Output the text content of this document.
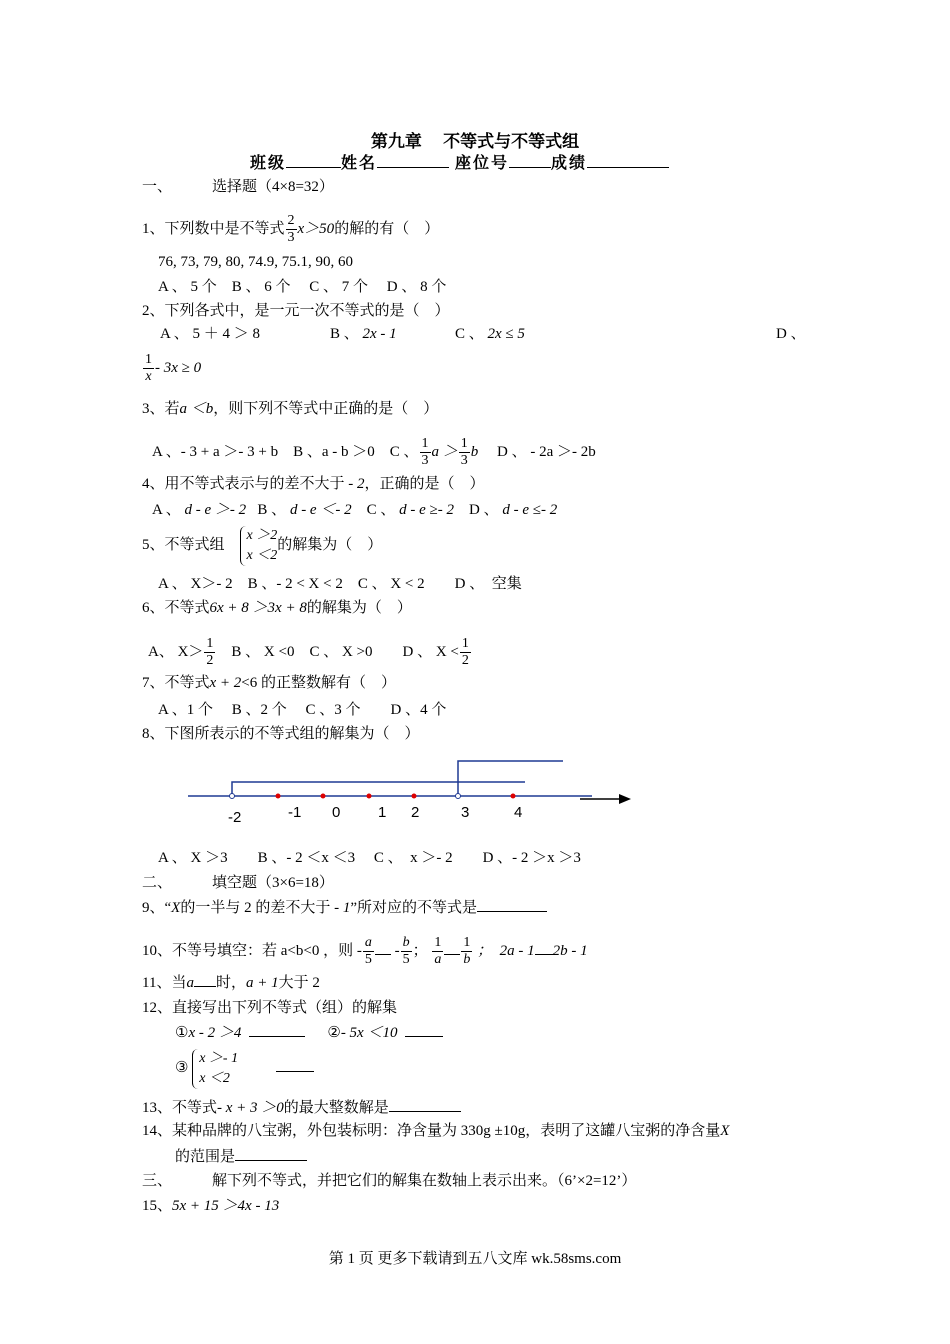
第九章　 不等式与不等式组
班级	姓名	座位号	成绩
一、	选择题（4×8=32）
1、下列数中是不等式 $\frac{2}{3} x>50$的解的有（　）
76, 73, 79, 80, 74.9, 75.1, 90, 60
A 、 5 个　B 、 6 个　 C 、 7 个　 D 、 8 个
2、下列各式中，是一元一次不等式的是（　）
A 、 5 ＋ 4 ＞ 8	B 、 2x - 1	C 、 2x ≤ 5	D 、
$\frac{1}{x} - 3x \ge 0$
3、若a ＜b，则下列不等式中正确的是（　）
A 、- 3 + a ＞- 3 + b B 、a - b ＞0 C 、 $\frac{1}{3}$ $a > \frac{1}{3}$ b D 、 - 2a ＞- 2b
4、用不等式表示与的差不大于 - 2，正确的是（　）
A 、 d - e ＞- 2 B 、 d - e ＜- 2 C 、 d - e ≥- 2 D 、 d - e ≤- 2
5、不等式组
x ＞2
x ＜2
的解集为（　）
A 、 X＞- 2　B 、- 2 < X < 2　C 、 X < 2　　D 、　空集
6、不等式6x + 8 ＞3x + 8的解集为（　）
A、 $X> \frac{1}{2}$ B 、 X <0　C 、 X >0　　D 、 $X < \frac{1}{2}$
7、不等式x + 2<6 的正整数解有（　）
A 、1 个　 B 、2 个　 C 、3 个　　D 、4 个
8、下图所表示的不等式组的解集为（　）
-2	-1 0	1 2	3	4
A 、 X ＞3　　B 、- 2 ＜x ＜3　 C 、　x ＞- 2　　D 、- 2 ＞x ＞3
二、	填空题（3×6=18）
9、“X的一半与 2 的差不大于 - 1”所对应的不等式是
10、不等号填空：若 a<b<0 ，则 - $\frac{a}{5} - \frac{b}{5}$ ； $\frac{1}{a} \frac{1}{b}$ ；　2a - 1 2b - 1
11、当a 时，a + 1大于 2
12、直接写出下列不等式（组）的解集
①x - 2 ＞4	②- 5x ＜10
③
x ＞- 1
x ＜2

13、不等式- x + 3 ＞0的最大整数解是
14、某种品牌的八宝粥，外包装标明：净含量为 330g ±10g，表明了这罐八宝粥的净含量X
的范围是
三、	解下列不等式，并把它们的解集在数轴上表示出来。（6’×2=12’）
15、5x + 15 ＞4x - 13
第 1 页 更多下载请到五八文库 wk.58sms.com
